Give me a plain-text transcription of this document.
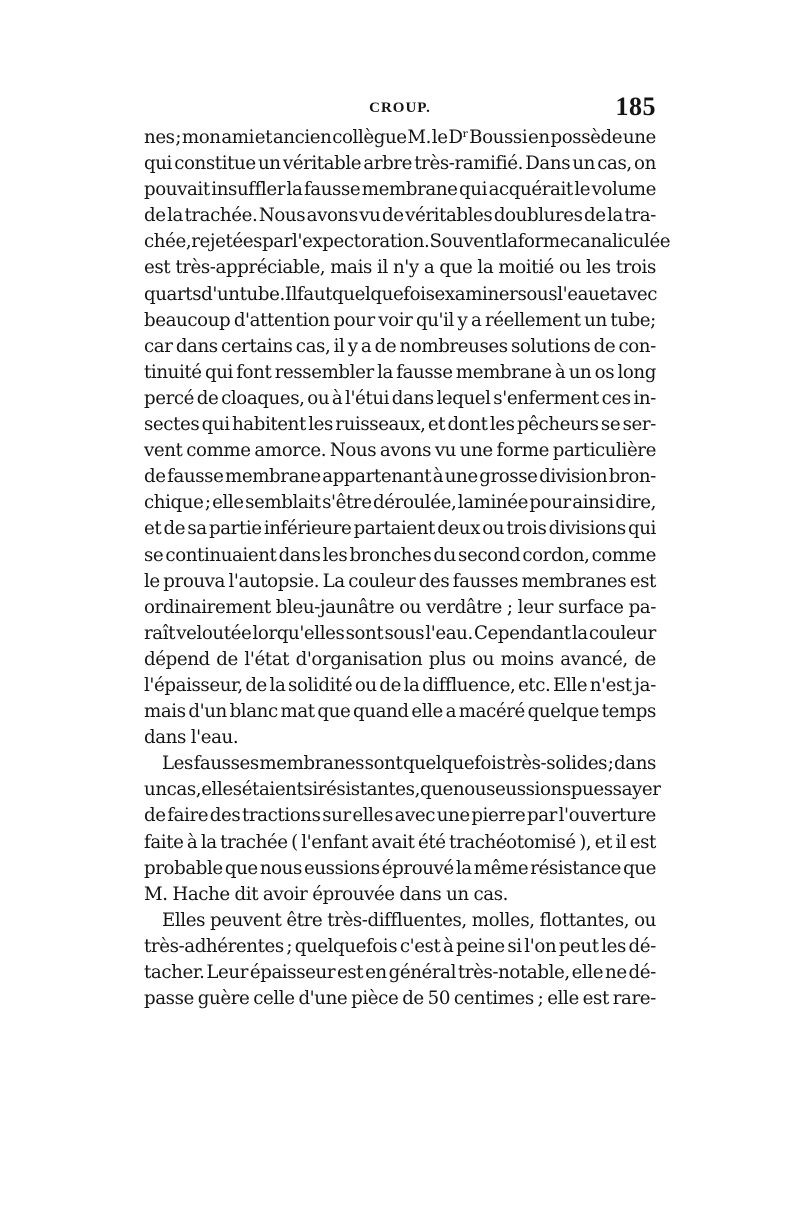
CROUP.	185
nes ; mon ami et ancien collègue M. le Dʳ Boussi en possède une
qui constitue un véritable arbre très-ramifié. Dans un cas, on
pouvait insuffler la fausse membrane qui acquérait le volume
de la trachée. Nous avons vu de véritables doublures de la tra-
chée, rejetées par l'expectoration. Souvent la forme canaliculée
est très-appréciable, mais il n'y a que la moitié ou les trois
quarts d'un tube. Il faut quelquefois examiner sous l'eau et avec
beaucoup d'attention pour voir qu'il y a réellement un tube;
car dans certains cas, il y a de nombreuses solutions de con-
tinuité qui font ressembler la fausse membrane à un os long
percé de cloaques, ou à l'étui dans lequel s'enferment ces in-
sectes qui habitent les ruisseaux, et dont les pêcheurs se ser-
vent comme amorce. Nous avons vu une forme particulière
de fausse membrane appartenant à une grosse division bron-
chique ; elle semblait s'être déroulée, laminée pour ainsi dire,
et de sa partie inférieure partaient deux ou trois divisions qui
se continuaient dans les bronches du second cordon, comme
le prouva l'autopsie. La couleur des fausses membranes est
ordinairement bleu-jaunâtre ou verdâtre ; leur surface pa-
raît veloutée lorqu'elles sont sous l'eau. Cependant la couleur
dépend de l'état d'organisation plus ou moins avancé, de
l'épaisseur, de la solidité ou de la diffluence, etc. Elle n'est ja-
mais d'un blanc mat que quand elle a macéré quelque temps
dans l'eau.
Les fausses membranes sont quelquefois très-solides ; dans
un cas, elles étaient si résistantes, que nous eussions pu essayer
de faire des tractions sur elles avec une pierre par l'ouverture
faite à la trachée ( l'enfant avait été trachéotomisé ), et il est
probable que nous eussions éprouvé la même résistance que
M. Hache dit avoir éprouvée dans un cas.
Elles peuvent être très-diffluentes, molles, flottantes, ou
très-adhérentes ; quelquefois c'est à peine si l'on peut les dé-
tacher. Leur épaisseur est en général très-notable, elle ne dé-
passe guère celle d'une pièce de 50 centimes ; elle est rare-
